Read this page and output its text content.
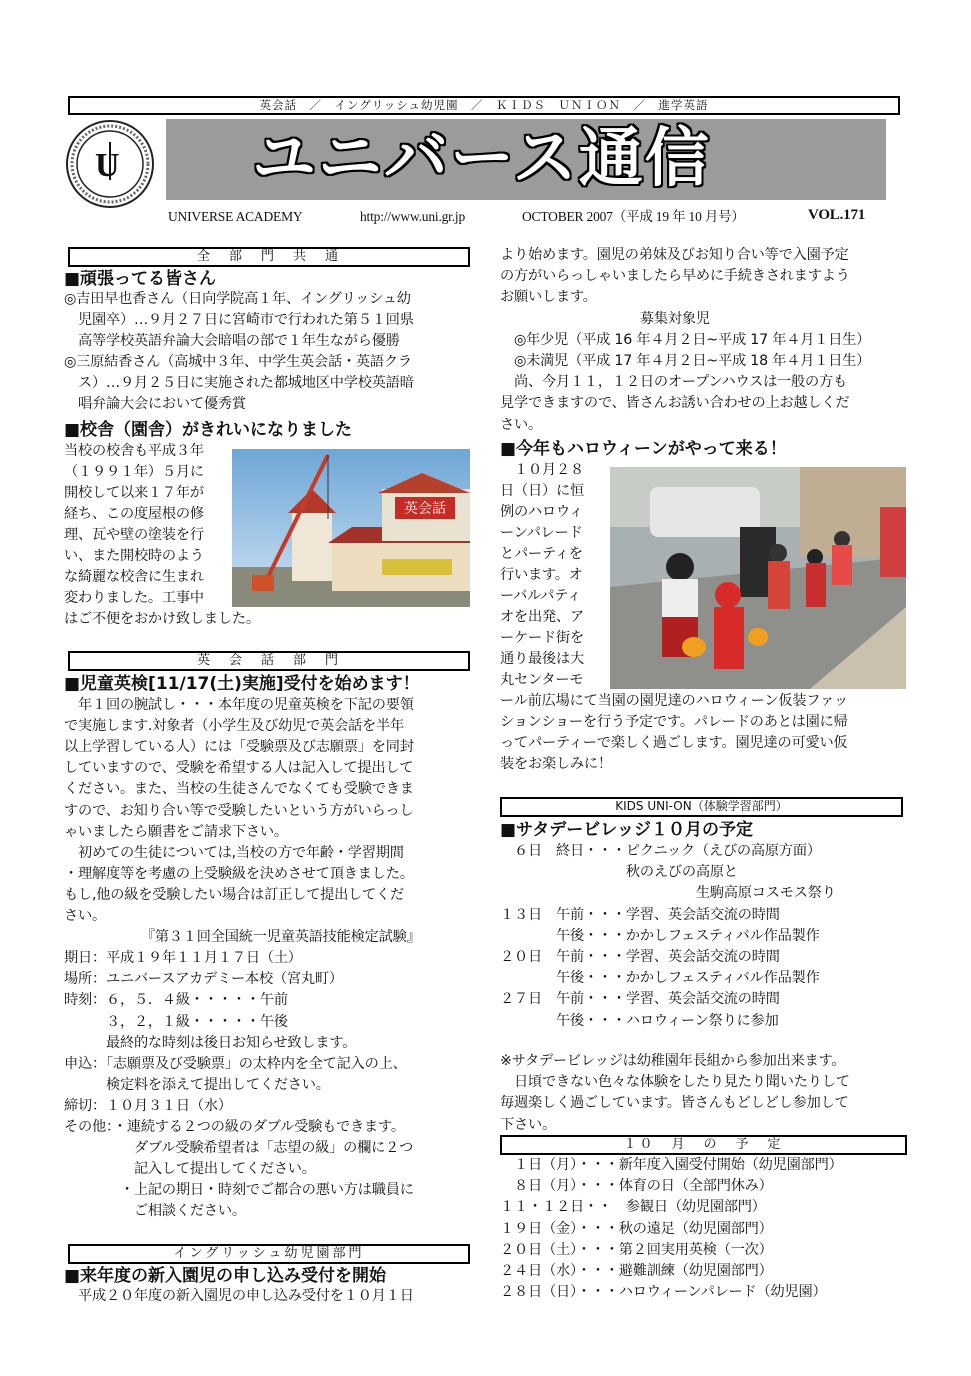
英会話　／　イングリッシュ幼児園　／　ＫＩＤＳ　ＵＮＩＯＮ　／　進学英語
U ユニバース通信
UNIVERSE ACADEMY	http://www.uni.gr.jp	OCTOBER 2007（平成 19 年 10 月号）	VOL.171
全　部　門　共　通
■頑張ってる皆さん
◎吉田早也香さん（日向学院高１年、イングリッシュ幼
　児園卒）…９月２７日に宮崎市で行われた第５１回県
　高等学校英語弁論大会暗唱の部で１年生ながら優勝
◎三原結香さん（高城中３年、中学生英会話・英語クラ
　ス）…９月２５日に実施された都城地区中学校英語暗
　唱弁論大会において優秀賞
■校舎（園舎）がきれいになりました
当校の校舎も平成３年
（１９９１年）５月に
開校して以来１７年が
経ち、この度屋根の修
理、瓦や壁の塗装を行
い、また開校時のよう
な綺麗な校舎に生まれ
変わりました。工事中
はご不便をおかけ致しました。
英会話
英　会　話　部　門
■児童英検[11/17(土)実施]受付を始めます！
　年１回の腕試し・・・本年度の児童英検を下記の要領
で実施します.対象者（小学生及び幼児で英会話を半年
以上学習している人）には「受験票及び志願票」を同封
していますので、受験を希望する人は記入して提出して
ください。また、当校の生徒さんでなくても受験できま
すので、お知り合い等で受験したいという方がいらっし
ゃいましたら願書をご請求下さい。
　初めての生徒については,当校の方で年齢・学習期間
・理解度等を考慮の上受験級を決めさせて頂きました。
もし,他の級を受験したい場合は訂正して提出してくだ
さい。
　　　　　　『第３１回全国統一児童英語技能検定試験』
期日：平成１９年１１月１７日（土）
場所：ユニバースアカデミー本校（宮丸町）
時刻：６，５．４級・・・・・午前
　　　３，２，１級・・・・・午後
　　　最終的な時刻は後日お知らせ致します。
申込：「志願票及び受験票」の太枠内を全て記入の上、
　　　検定料を添えて提出してください。
締切：１０月３１日（水）
その他：・連続する２つの級のダブル受験もできます。
　　　　　ダブル受験希望者は「志望の級」の欄に２つ
　　　　　記入して提出してください。
　　　　・上記の期日・時刻でご都合の悪い方は職員に
　　　　　ご相談ください。
イングリッシュ幼児園部門
■来年度の新入園児の申し込み受付を開始
　平成２０年度の新入園児の申し込み受付を１０月１日
より始めます。園児の弟妹及びお知り合い等で入園予定
の方がいらっしゃいましたら早めに手続きされますよう
お願いします。
　　　　　　　　　　募集対象児
　◎年少児（平成 16 年４月２日~平成 17 年４月１日生）
　◎未満児（平成 17 年４月２日~平成 18 年４月１日生）
　尚、今月１１，１２日のオープンハウスは一般の方も
見学できますので、皆さんお誘い合わせの上お越しくだ
さい。
■今年もハロウィーンがやって来る！
　１０月２８
日（日）に恒
例のハロウィ
ーンパレード
とパーティを
行います。オ
ーバルパティ
オを出発、ア
ーケード街を
通り最後は大
丸センターモ
ール前広場にて当園の園児達のハロウィーン仮装ファッ
ションショーを行う予定です。パレードのあとは園に帰
ってパーティーで楽しく過ごします。園児達の可愛い仮
装をお楽しみに！
KIDS UNI-ON（体験学習部門）
■サタデービレッジ１０月の予定
　６日　終日・・・ピクニック（えびの高原方面）
　　　　　　　　　秋のえびの高原と
　　　　　　　　　　　　　　生駒高原コスモス祭り
１３日　午前・・・学習、英会話交流の時間
　　　　午後・・・かかしフェスティバル作品製作
２０日　午前・・・学習、英会話交流の時間
　　　　午後・・・かかしフェスティバル作品製作
２７日　午前・・・学習、英会話交流の時間
　　　　午後・・・ハロウィーン祭りに参加
※サタデービレッジは幼稚園年長組から参加出来ます。
　日頃できない色々な体験をしたり見たり聞いたりして
毎週楽しく過ごしています。皆さんもどしどし参加して
下さい。
１０　月　の　予　定
　１日（月）・・・新年度入園受付開始（幼児園部門）
　８日（月）・・・体育の日（全部門休み）
１１・１２日・・　参観日（幼児園部門）
１９日（金）・・・秋の遠足（幼児園部門）
２０日（土）・・・第２回実用英検（一次）
２４日（水）・・・避難訓練（幼児園部門）
２８日（日）・・・ハロウィーンパレード（幼児園）
